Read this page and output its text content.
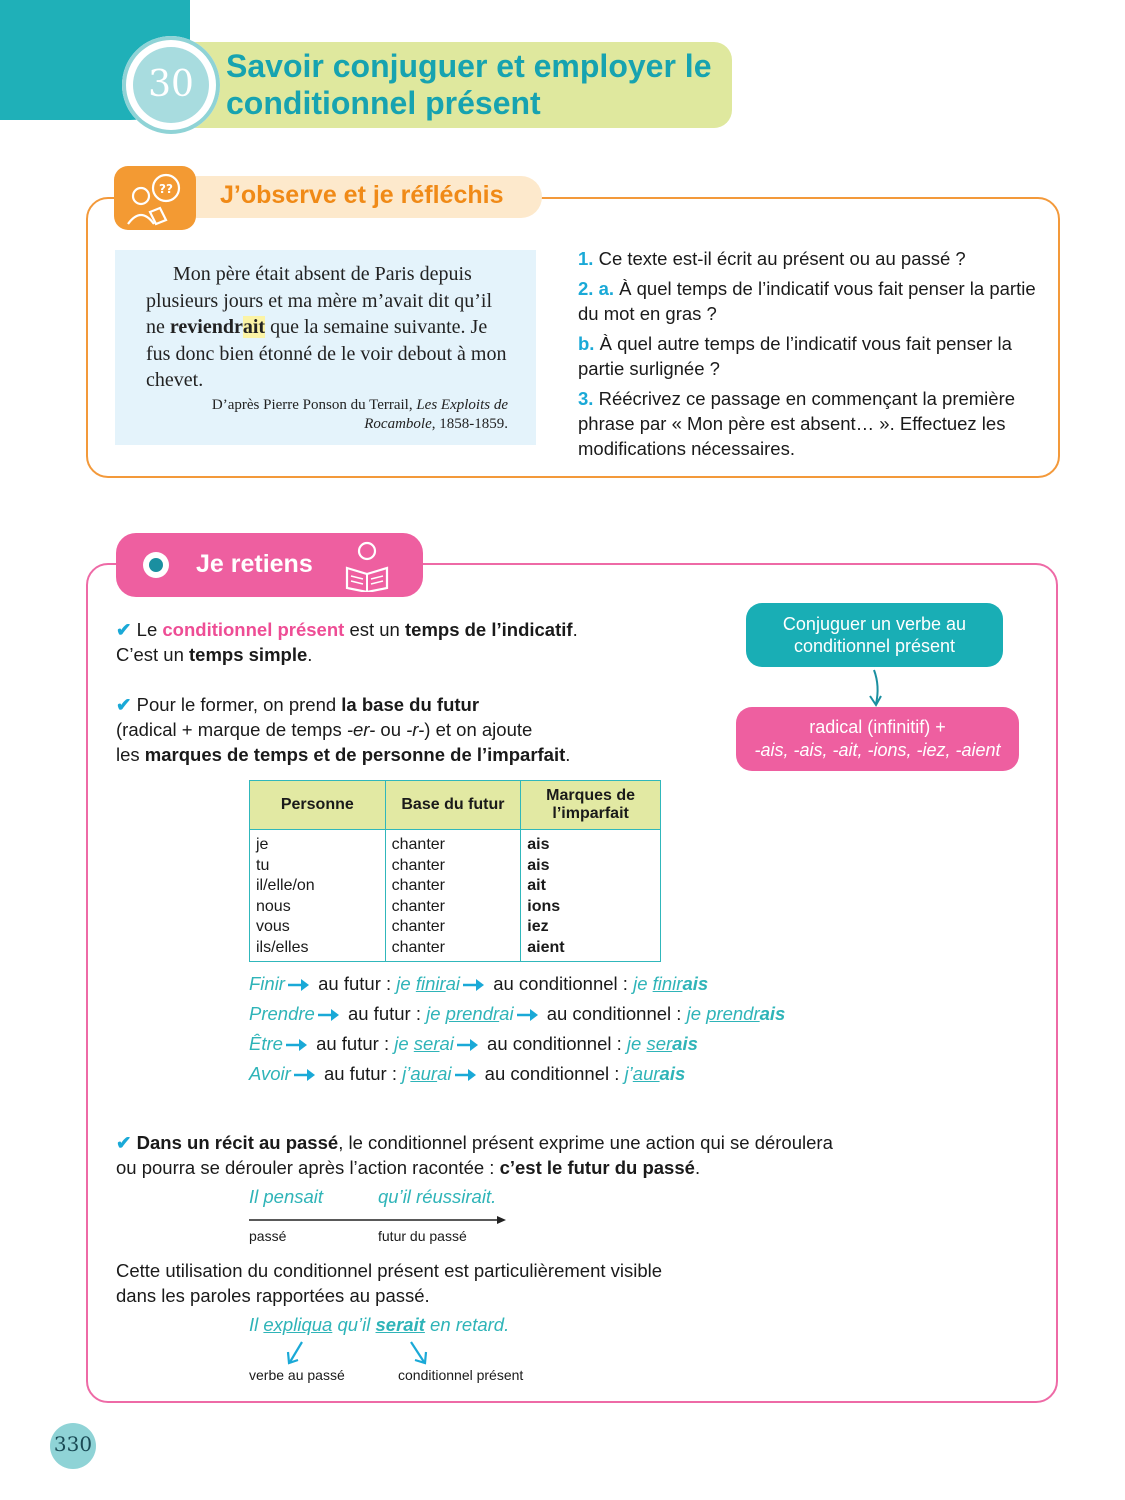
30	Savoir conjuguer et employer le conditionnel présent
?? J’observe et je réfléchis

Mon père était absent de Paris depuis plusieurs jours et ma mère m’avait dit qu’il ne reviendrait que la semaine suivante. Je fus donc bien étonné de le voir debout à mon chevet.

D’après Pierre Ponson du Terrail, Les Exploits de Rocambole, 1858-1859.
1. Ce texte est-il écrit au présent ou au passé ?
2. a. À quel temps de l’indicatif vous fait penser la partie du mot en gras ?
b. À quel autre temps de l’indicatif vous fait penser la partie surlignée ?
3. Réécrivez ce passage en commençant la première phrase par « Mon père est absent… ». Effectuez les modifications nécessaires.
Je retiens
✔ Le conditionnel présent est un temps de l’indicatif.
C’est un temps simple.
✔ Pour le former, on prend la base du futur
(radical + marque de temps -er- ou -r-) et on ajoute
les marques de temps et de personne de l’imparfait.
Conjuguer un verbe au conditionnel présent
radical (infinitif) +
-ais, -ais, -ait, -ions, -iez, -aient
Personne	Base du futur	Marques de l’imparfait
je	chanter	ais
tu	chanter	ais
il/elle/on	chanter	ait
nous	chanter	ions
vous	chanter	iez
ils/elles	chanter	aient
Finir au futur : je finirai au conditionnel : je finirais
Prendre au futur : je prendrai au conditionnel : je prendrais
Être au futur : je serai au conditionnel : je serais
Avoir au futur : j’aurai au conditionnel : j’aurais
✔ Dans un récit au passé, le conditionnel présent exprime une action qui se déroulera
ou pourra se dérouler après l’action racontée : c’est le futur du passé.
Il pensait	qu’il réussirait.
passé	futur du passé
Cette utilisation du conditionnel présent est particulièrement visible
dans les paroles rapportées au passé.
Il expliqua qu’il serait en retard.
verbe au passé	conditionnel présent
330
